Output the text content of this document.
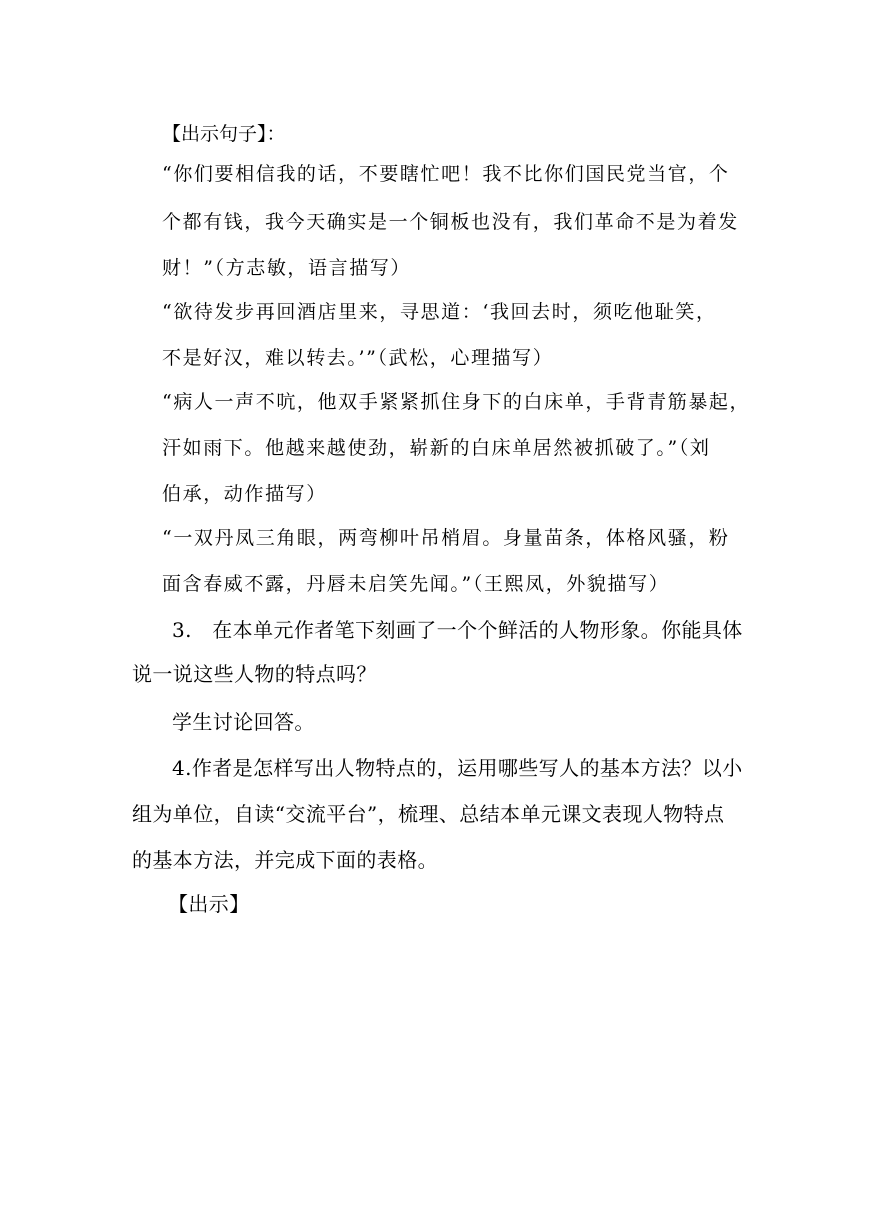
【出示句子】：
“你们要相信我的话，不要瞎忙吧！我不比你们国民党当官，个
个都有钱，我今天确实是一个铜板也没有，我们革命不是为着发
财！”（方志敏，语言描写）
“欲待发步再回酒店里来，寻思道：‘我回去时，须吃他耻笑，
不是好汉，难以转去。’”（武松，心理描写）
“病人一声不吭，他双手紧紧抓住身下的白床单，手背青筋暴起，
汗如雨下。他越来越使劲，崭新的白床单居然被抓破了。”（刘
伯承，动作描写）
“一双丹凤三角眼，两弯柳叶吊梢眉。身量苗条，体格风骚，粉
面含春威不露，丹唇未启笑先闻。”（王熙凤，外貌描写）
3.　在本单元作者笔下刻画了一个个鲜活的人物形象。你能具体
说一说这些人物的特点吗？
学生讨论回答。
4.作者是怎样写出人物特点的，运用哪些写人的基本方法？以小
组为单位，自读“交流平台”，梳理、总结本单元课文表现人物特点
的基本方法，并完成下面的表格。
【出示】
